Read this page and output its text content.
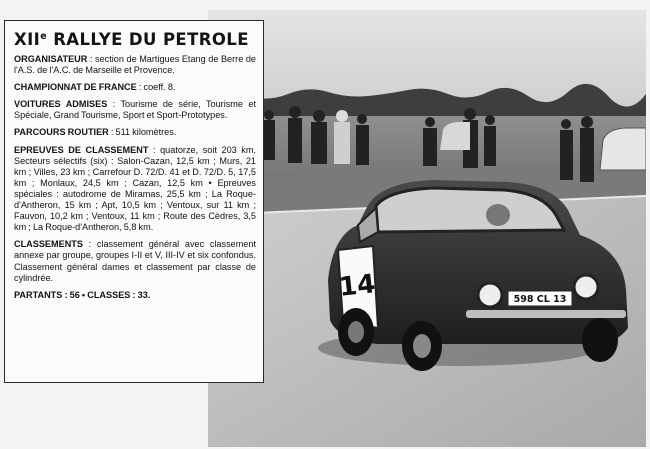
14	598 CL 13
XIIe RALLYE DU PETROLE

ORGANISATEUR : section de Martigues Etang de Berre de l'A.S. de l'A.C. de Marseille et Provence.

CHAMPIONNAT DE FRANCE : coeff. 8.

VOITURES ADMISES : Tourisme de série, Tourisme et Spéciale, Grand Tourisme, Sport et Sport-Prototypes.

PARCOURS ROUTIER : 511 kilomètres.

EPREUVES DE CLASSEMENT : quatorze, soit 203 km. Secteurs sélectifs (six) : Salon-Cazan, 12,5 km ; Murs, 21 km ; Villes, 23 km ; Carrefour D. 72/D. 41 et D. 72/D. 5, 17,5 km ; Monlaux, 24,5 km ; Cazan, 12,5 km • Epreuves spéciales : autodrome de Miramas, 25,5 km ; La Roque-d'Antheron, 15 km ; Apt, 10,5 km ; Ventoux, sur 11 km ; Fauvon, 10,2 km ; Ventoux, 11 km ; Route des Cèdres, 3,5 km ; La Roque-d'Antheron, 5,8 km.

CLASSEMENTS : classement général avec classement annexe par groupe, groupes I-II et V, III-IV et six confondus. Classement général dames et classement par classe de cylindrée.

PARTANTS : 56 • CLASSES : 33.
